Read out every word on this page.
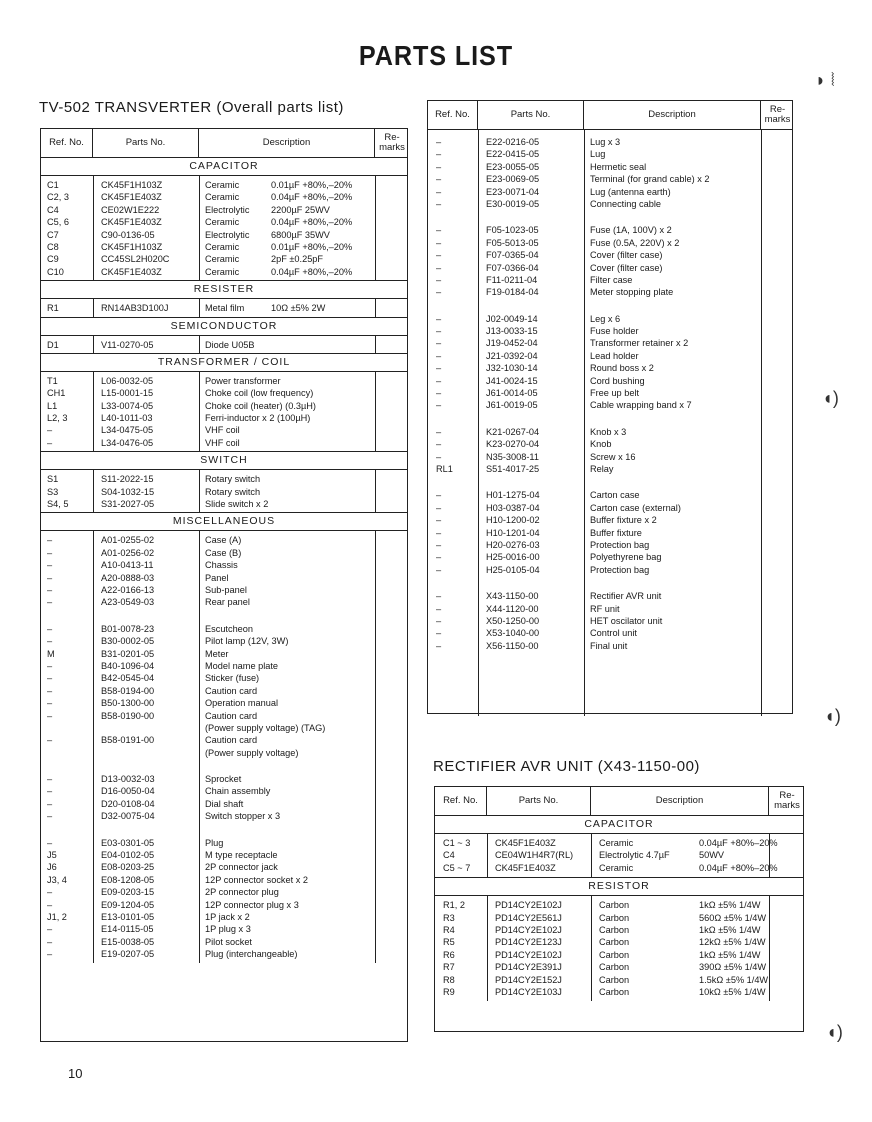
PARTS LIST
TV-502 TRANSVERTER (Overall parts list)
RECTIFIER AVR UNIT (X43-1150-00)
Ref. No.	Parts No.	Description	Re-
marks
CAPACITOR
C1	CK45F1H103Z	Ceramic	0.01µF +80%,–20%
C2, 3	CK45F1E403Z	Ceramic	0.04µF +80%,–20%
C4	CE02W1E222	Electrolytic 2200µF 25WV
C5, 6	CK45F1E403Z	Ceramic	0.04µF +80%,–20%
C7	C90-0136-05	Electrolytic 6800µF 35WV
C8	CK45F1H103Z	Ceramic	0.01µF +80%,–20%
C9	CC45SL2H020C	Ceramic	2pF ±0.25pF
C10	CK45F1E403Z	Ceramic	0.04µF +80%,–20%
RESISTER
R1	RN14AB3D100J	Metal film	10Ω ±5% 2W
SEMICONDUCTOR
D1	V11-0270-05	Diode U05B
TRANSFORMER / COIL
T1	L06-0032-05	Power transformer
CH1	L15-0001-15	Choke coil (low frequency)
L1	L33-0074-05	Choke coil (heater) (0.3µH)
L2, 3	L40-1011-03	Ferri-inductor x 2 (100µH)
–	L34-0475-05	VHF coil
–	L34-0476-05	VHF coil
SWITCH
S1	S11-2022-15	Rotary switch
S3	S04-1032-15	Rotary switch
S4, 5	S31-2027-05	Slide switch x 2
MISCELLANEOUS
–	A01-0255-02	Case (A)
–	A01-0256-02	Case (B)
–	A10-0413-11	Chassis
–	A20-0888-03	Panel
–	A22-0166-13	Sub-panel
–	A23-0549-03	Rear panel
–	B01-0078-23	Escutcheon
–	B30-0002-05	Pilot lamp (12V, 3W)
M	B31-0201-05	Meter
–	B40-1096-04	Model name plate
–	B42-0545-04	Sticker (fuse)
–	B58-0194-00	Caution card
–	B50-1300-00	Operation manual
–	B58-0190-00	Caution card
(Power supply voltage) (TAG)
–	B58-0191-00	Caution card
(Power supply voltage)
–	D13-0032-03	Sprocket
–	D16-0050-04	Chain assembly
–	D20-0108-04	Dial shaft
–	D32-0075-04	Switch stopper x 3
–	E03-0301-05	Plug
J5	E04-0102-05	M type receptacle
J6	E08-0203-25	2P connector jack
J3, 4	E08-1208-05	12P connector socket x 2
–	E09-0203-15	2P connector plug
–	E09-1204-05	12P connector plug x 3
J1, 2	E13-0101-05	1P jack x 2
–	E14-0115-05	1P plug x 3
–	E15-0038-05	Pilot socket
–	E19-0207-05	Plug (interchangeable)
Ref. No.	Parts No.	Description	Re-
marks
–	E22-0216-05	Lug x 3
–	E22-0415-05	Lug
–	E23-0055-05	Hermetic seal
–	E23-0069-05	Terminal (for grand cable) x 2
–	E23-0071-04	Lug (antenna earth)
–	E30-0019-05	Connecting cable
–	F05-1023-05	Fuse (1A, 100V) x 2
–	F05-5013-05	Fuse (0.5A, 220V) x 2
–	F07-0365-04	Cover (filter case)
–	F07-0366-04	Cover (filter case)
–	F11-0211-04	Filter case
–	F19-0184-04	Meter stopping plate
–	J02-0049-14	Leg x 6
–	J13-0033-15	Fuse holder
–	J19-0452-04	Transformer retainer x 2
–	J21-0392-04	Lead holder
–	J32-1030-14	Round boss x 2
–	J41-0024-15	Cord bushing
–	J61-0014-05	Free up belt
–	J61-0019-05	Cable wrapping band x 7
–	K21-0267-04	Knob x 3
–	K23-0270-04	Knob
–	N35-3008-11	Screw x 16
RL1	S51-4017-25	Relay
–	H01-1275-04	Carton case
–	H03-0387-04	Carton case (external)
–	H10-1200-02	Buffer fixture x 2
–	H10-1201-04	Buffer fixture
–	H20-0276-03	Protection bag
–	H25-0016-00	Polyethyrene bag
–	H25-0105-04	Protection bag
–	X43-1150-00	Rectifier AVR unit
–	X44-1120-00	RF unit
–	X50-1250-00	HET oscilator unit
–	X53-1040-00	Control unit
–	X56-1150-00	Final unit
Ref. No.	Parts No.	Description	Re-
marks
CAPACITOR
C1 ~ 3	CK45F1E403Z	Ceramic	0.04µF +80%–20%
C4	CE04W1H4R7(RL)	Electrolytic 4.7µF	50WV
C5 ~ 7	CK45F1E403Z	Ceramic	0.04µF +80%–20%
RESISTOR
R1, 2	PD14CY2E102J	Carbon	1kΩ ±5% 1/4W
R3	PD14CY2E561J	Carbon	560Ω ±5% 1/4W
R4	PD14CY2E102J	Carbon	1kΩ ±5% 1/4W
R5	PD14CY2E123J	Carbon	12kΩ ±5% 1/4W
R6	PD14CY2E102J	Carbon	1kΩ ±5% 1/4W
R7	PD14CY2E391J	Carbon	390Ω ±5% 1/4W
R8	PD14CY2E152J	Carbon	1.5kΩ ±5% 1/4W
R9	PD14CY2E103J	Carbon	10kΩ ±5% 1/4W
10
◗ ⦚
◖)
◖)
◖)
